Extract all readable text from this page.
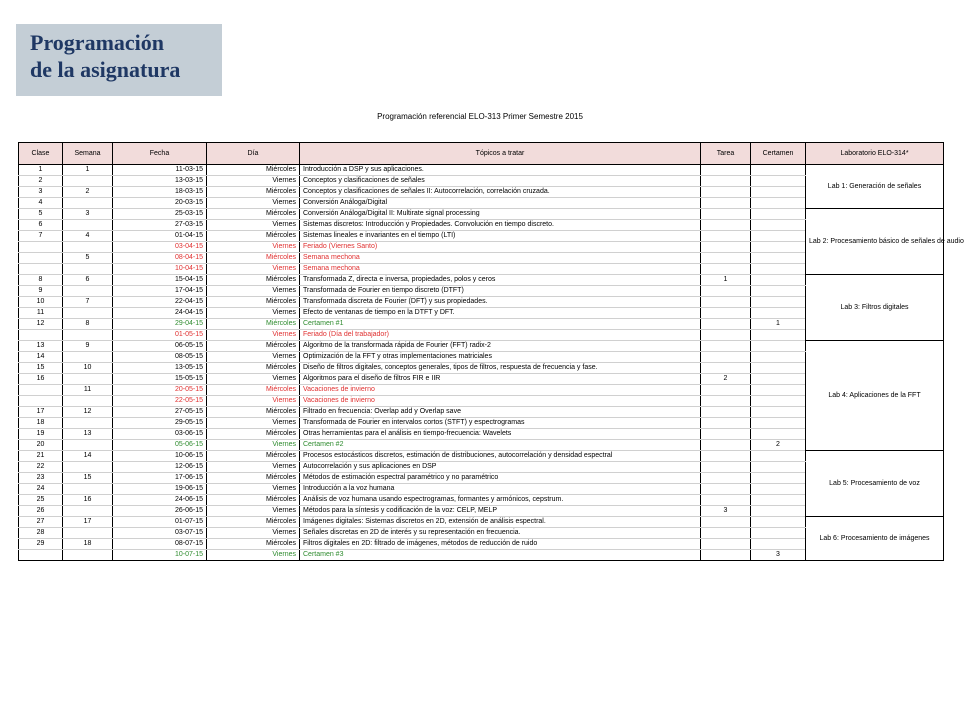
Programación
de la asignatura
Programación referencial ELO-313 Primer Semestre 2015
Clase	Semana	Fecha	Día	Tópicos a tratar	Tarea	Certamen	Laboratorio ELO-314*
1	1	11-03-15	Miércoles	Introducción a DSP y sus aplicaciones.			Lab 1: Generación de señales
2		13-03-15	Viernes	Conceptos y clasificaciones de señales			
3	2	18-03-15	Miércoles	Conceptos y clasificaciones de señales II: Autocorrelación, correlación cruzada.			
4		20-03-15	Viernes	Conversión Análoga/Digital			
5	3	25-03-15	Miércoles	Conversión Análoga/Digital II: Multirate signal processing			Lab 2: Procesamiento básico de señales de audio
6		27-03-15	Viernes	Sistemas discretos: Introducción y Propiedades. Convolución en tiempo discreto.			
7	4	01-04-15	Miércoles	Sistemas lineales e invariantes en el tiempo (LTI)			
		03-04-15	Viernes	Feriado (Viernes Santo)			
	5	08-04-15	Miércoles	Semana mechona			
		10-04-15	Viernes	Semana mechona			
8	6	15-04-15	Miércoles	Transformada Z, directa e inversa, propiedades, polos y ceros	1		Lab 3: Filtros digitales
9		17-04-15	Viernes	Transformada de Fourier en tiempo discreto (DTFT)			
10	7	22-04-15	Miércoles	Transformada discreta de Fourier (DFT) y sus propiedades.			
11		24-04-15	Viernes	Efecto de ventanas de tiempo en la DTFT y DFT.			
12	8	29-04-15	Miércoles	Certamen #1		1	
		01-05-15	Viernes	Feriado (Día del trabajador)			
13	9	06-05-15	Miércoles	Algoritmo de la transformada rápida de Fourier (FFT) radix-2			Lab 4: Aplicaciones de la FFT
14		08-05-15	Viernes	Optimización de la FFT y otras implementaciones matriciales			
15	10	13-05-15	Miércoles	Diseño de filtros digitales, conceptos generales, tipos de filtros, respuesta de frecuencia y fase.			
16		15-05-15	Viernes	Algoritmos para el diseño de filtros FIR e IIR	2		
	11	20-05-15	Miércoles	Vacaciones de invierno			
		22-05-15	Viernes	Vacaciones de invierno			
17	12	27-05-15	Miércoles	Filtrado en frecuencia: Overlap add y Overlap save			
18		29-05-15	Viernes	Transformada de Fourier en intervalos cortos (STFT) y espectrogramas			
19	13	03-06-15	Miércoles	Otras herramientas para el análisis en tiempo-frecuencia: Wavelets			
20		05-06-15	Viernes	Certamen #2		2	
21	14	10-06-15	Miércoles	Procesos estocásticos discretos, estimación de distribuciones, autocorrelación y densidad espectral			Lab 5: Procesamiento de voz
22		12-06-15	Viernes	Autocorrelación y sus aplicaciones en DSP			
23	15	17-06-15	Miércoles	Métodos de estimación espectral paramétrico y no paramétrico			
24		19-06-15	Viernes	Introducción a la voz humana			
25	16	24-06-15	Miércoles	Análisis de voz humana usando espectrogramas, formantes y armónicos, cepstrum.			
26		26-06-15	Viernes	Métodos para la síntesis y codificación de la voz: CELP, MELP	3		
27	17	01-07-15	Miércoles	Imágenes digitales: Sistemas discretos en 2D, extensión de análisis espectral.			Lab 6: Procesamiento de imágenes
28		03-07-15	Viernes	Señales discretas en 2D de interés y su representación en frecuencia.			
29	18	08-07-15	Miércoles	Filtros digitales en 2D: filtrado de imágenes, métodos de reducción de ruido			
		10-07-15	Viernes	Certamen #3		3	
